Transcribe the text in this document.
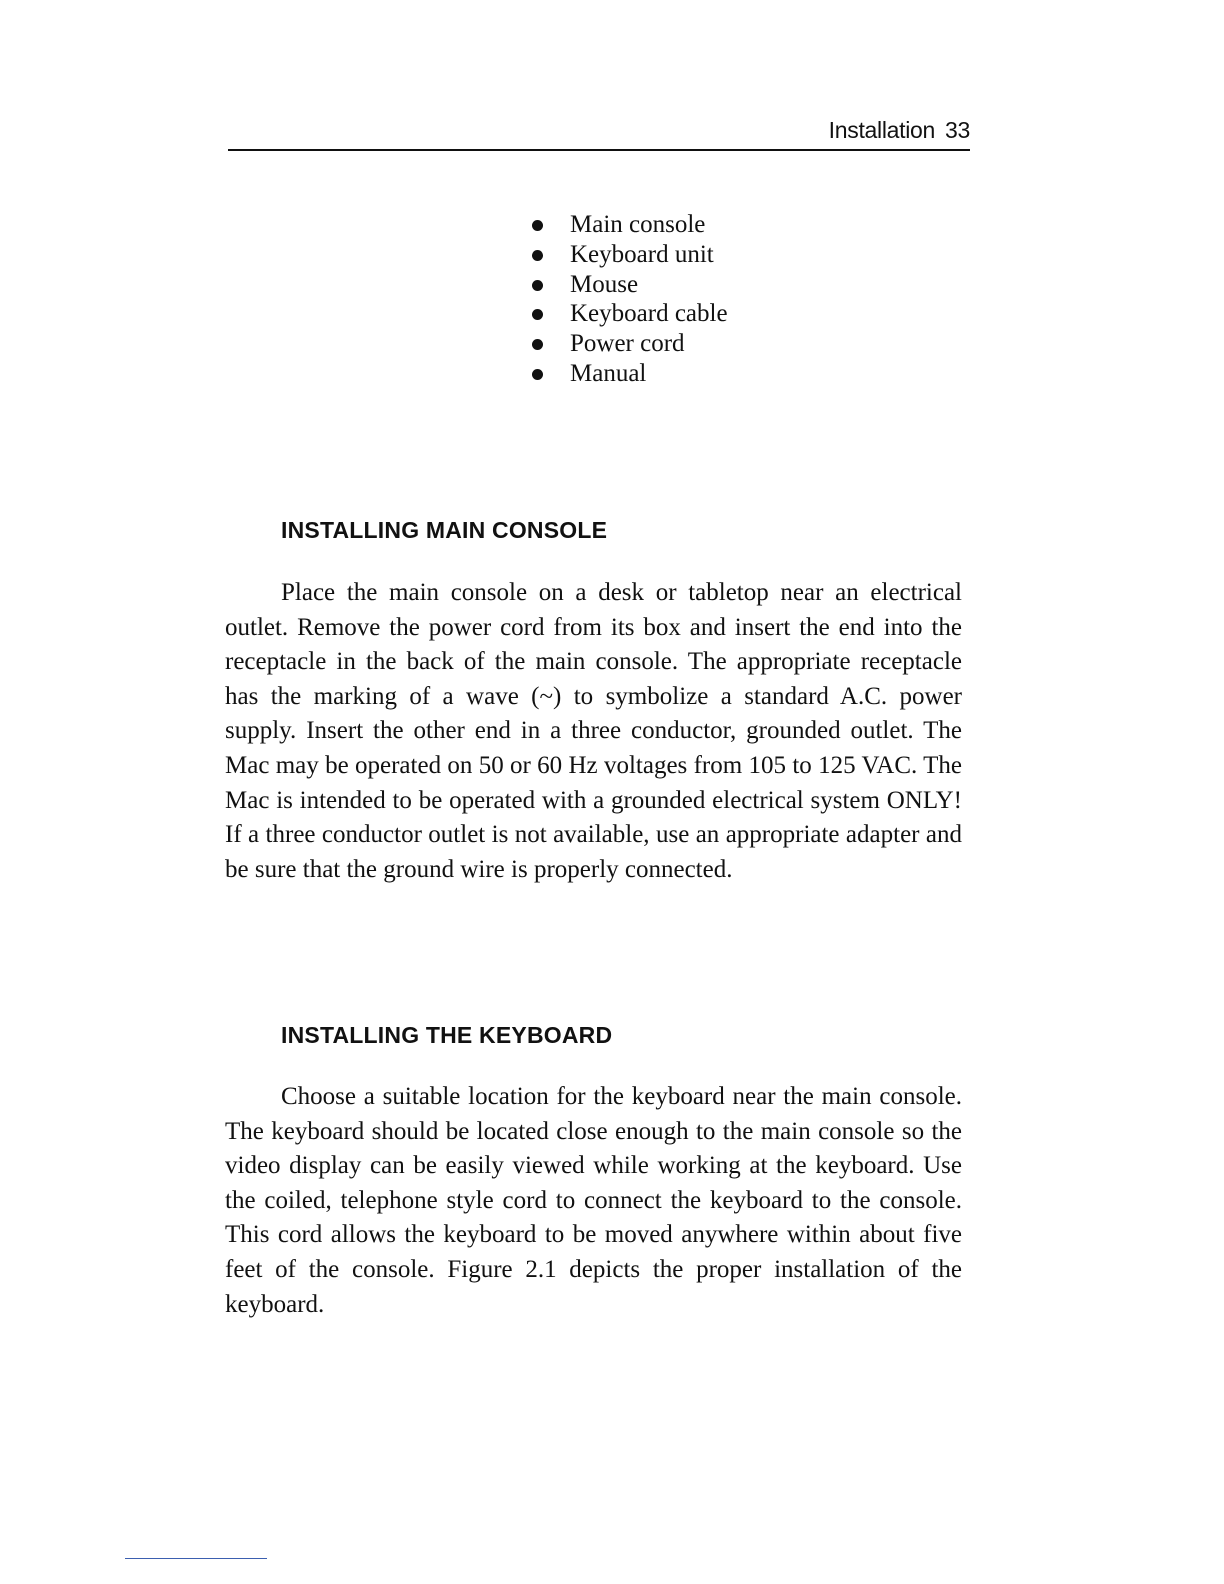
Installation 33
Main console
Keyboard unit
Mouse
Keyboard cable
Power cord
Manual
INSTALLING MAIN CONSOLE

Place the main console on a desk or tabletop near an electrical outlet. Remove the power cord from its box and insert the end into the receptacle in the back of the main console. The appropriate receptacle has the marking of a wave (~) to symbolize a standard A.C. power supply. Insert the other end in a three conductor, grounded outlet. The Mac may be operated on 50 or 60 Hz voltages from 105 to 125 VAC. The Mac is intended to be operated with a grounded electrical system ONLY! If a three conductor outlet is not available, use an appropriate adapter and be sure that the ground wire is properly connected.

INSTALLING THE KEYBOARD

Choose a suitable location for the keyboard near the main console. The keyboard should be located close enough to the main console so the video display can be easily viewed while working at the keyboard. Use the coiled, telephone style cord to connect the keyboard to the console. This cord allows the keyboard to be moved anywhere within about five feet of the console. Figure 2.1 depicts the proper installation of the keyboard.
